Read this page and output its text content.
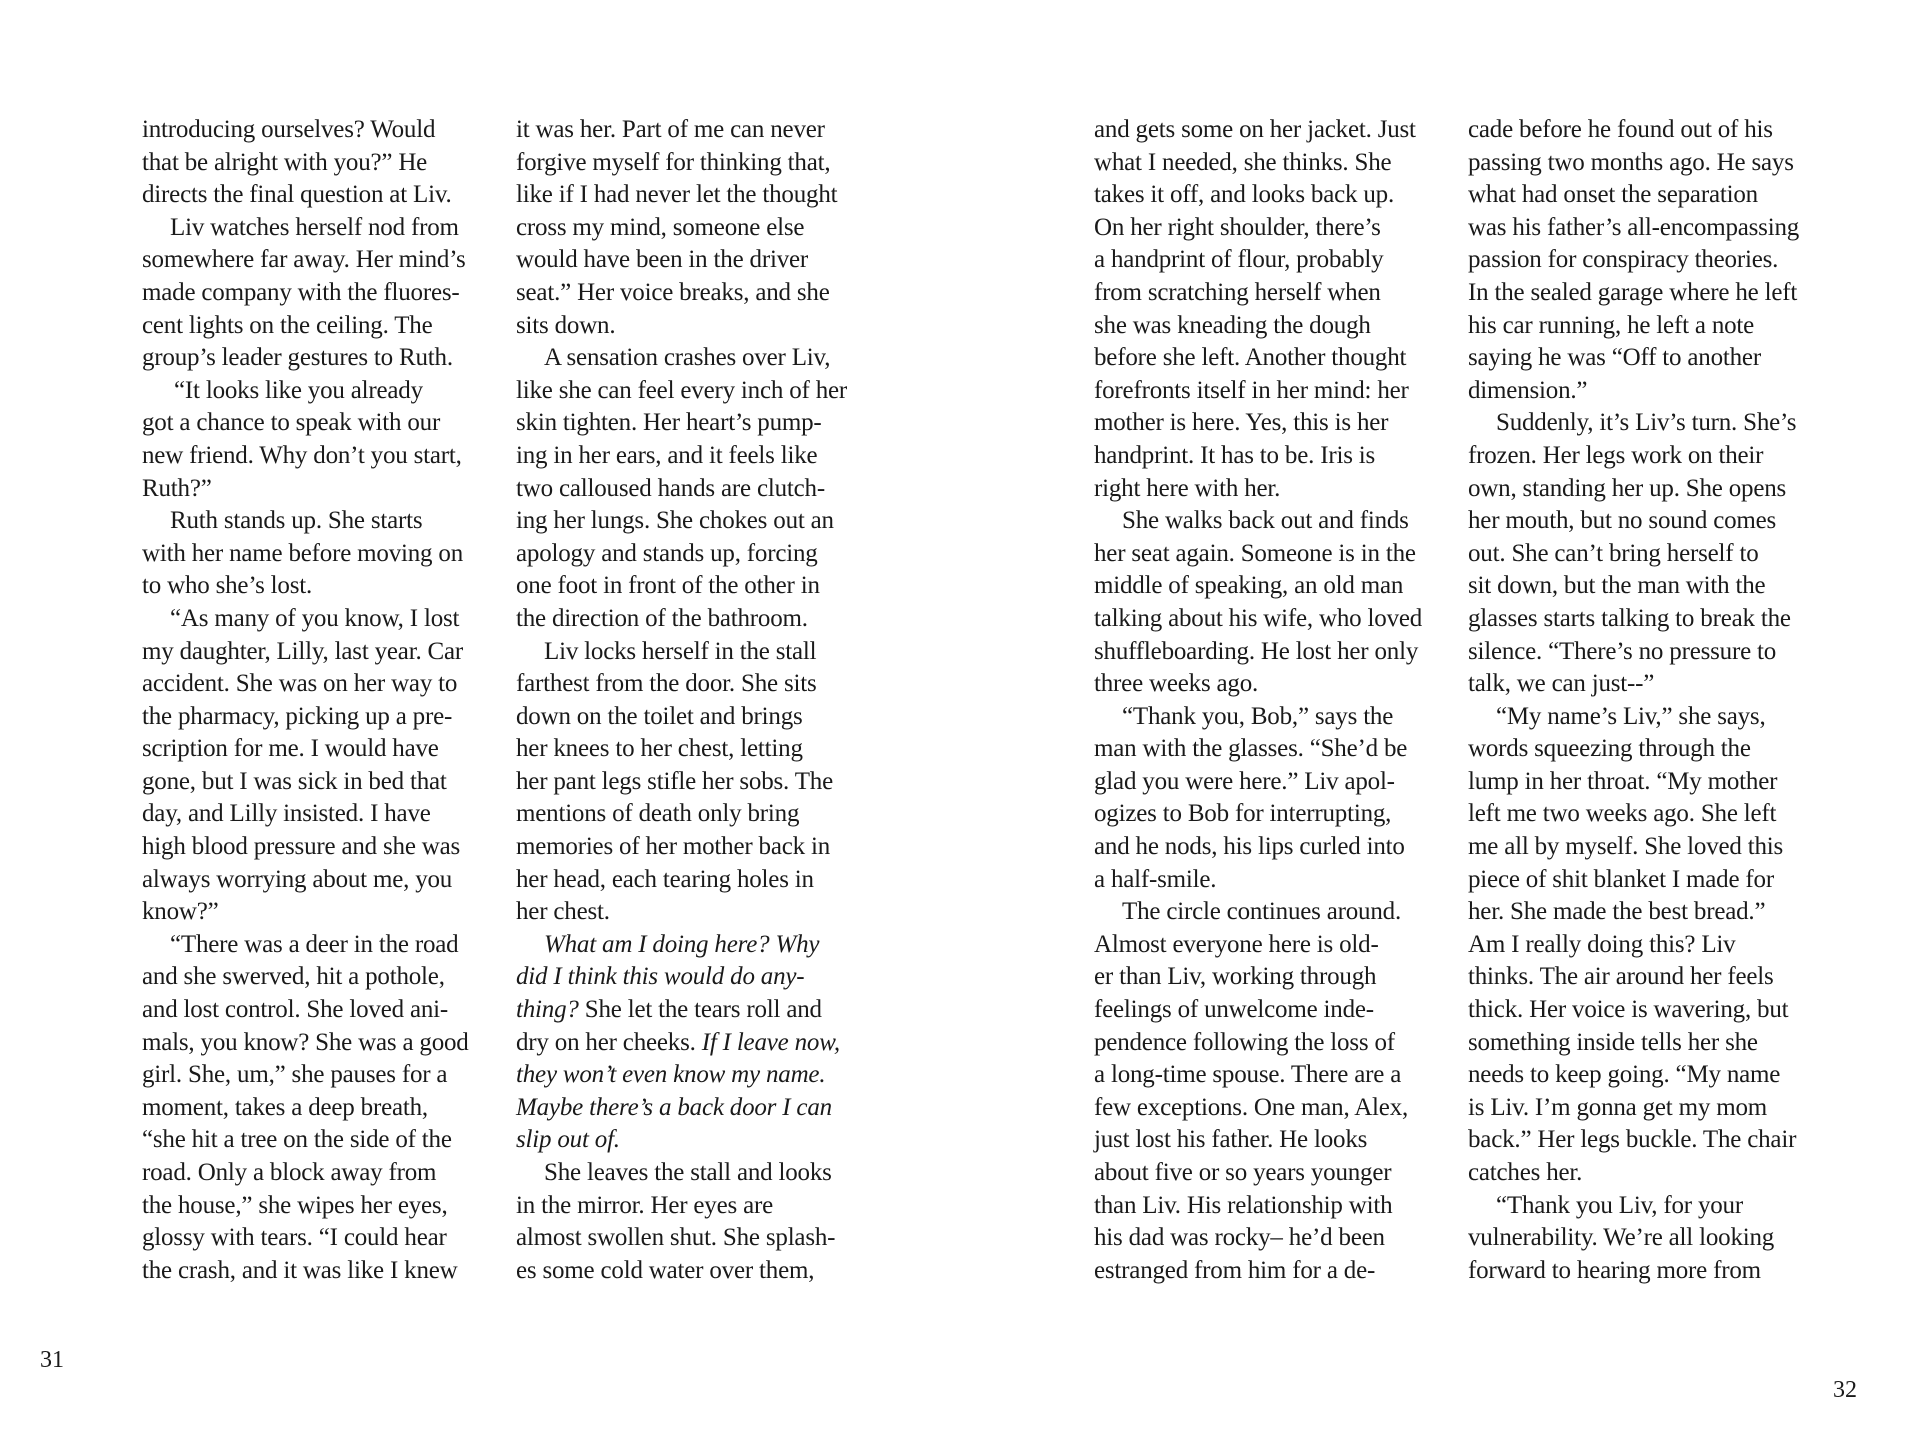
introducing ourselves? Would
that be alright with you?” He
directs the final question at Liv.
Liv watches herself nod from
somewhere far away. Her mind’s
made company with the fluores-
cent lights on the ceiling. The
group’s leader gestures to Ruth.
“It looks like you already
got a chance to speak with our
new friend. Why don’t you start,
Ruth?”
Ruth stands up. She starts
with her name before moving on
to who she’s lost.
“As many of you know, I lost
my daughter, Lilly, last year. Car
accident. She was on her way to
the pharmacy, picking up a pre-
scription for me. I would have
gone, but I was sick in bed that
day, and Lilly insisted. I have
high blood pressure and she was
always worrying about me, you
know?”
“There was a deer in the road
and she swerved, hit a pothole,
and lost control. She loved ani-
mals, you know? She was a good
girl. She, um,” she pauses for a
moment, takes a deep breath,
“she hit a tree on the side of the
road. Only a block away from
the house,” she wipes her eyes,
glossy with tears. “I could hear
the crash, and it was like I knew
it was her. Part of me can never
forgive myself for thinking that,
like if I had never let the thought
cross my mind, someone else
would have been in the driver
seat.” Her voice breaks, and she
sits down.
A sensation crashes over Liv,
like she can feel every inch of her
skin tighten. Her heart’s pump-
ing in her ears, and it feels like
two calloused hands are clutch-
ing her lungs. She chokes out an
apology and stands up, forcing
one foot in front of the other in
the direction of the bathroom.
Liv locks herself in the stall
farthest from the door. She sits
down on the toilet and brings
her knees to her chest, letting
her pant legs stifle her sobs. The
mentions of death only bring
memories of her mother back in
her head, each tearing holes in
her chest.
What am I doing here? Why
did I think this would do any-
thing? She let the tears roll and
dry on her cheeks. If I leave now,
they won’t even know my name.
Maybe there’s a back door I can
slip out of.
She leaves the stall and looks
in the mirror. Her eyes are
almost swollen shut. She splash-
es some cold water over them,
31
and gets some on her jacket. Just
what I needed, she thinks. She
takes it off, and looks back up.
On her right shoulder, there’s
a handprint of flour, probably
from scratching herself when
she was kneading the dough
before she left. Another thought
forefronts itself in her mind: her
mother is here. Yes, this is her
handprint. It has to be. Iris is
right here with her.
She walks back out and finds
her seat again. Someone is in the
middle of speaking, an old man
talking about his wife, who loved
shuffleboarding. He lost her only
three weeks ago.
“Thank you, Bob,” says the
man with the glasses. “She’d be
glad you were here.” Liv apol-
ogizes to Bob for interrupting,
and he nods, his lips curled into
a half-smile.
The circle continues around.
Almost everyone here is old-
er than Liv, working through
feelings of unwelcome inde-
pendence following the loss of
a long-time spouse. There are a
few exceptions. One man, Alex,
just lost his father. He looks
about five or so years younger
than Liv. His relationship with
his dad was rocky– he’d been
estranged from him for a de-
cade before he found out of his
passing two months ago. He says
what had onset the separation
was his father’s all-encompassing
passion for conspiracy theories.
In the sealed garage where he left
his car running, he left a note
saying he was “Off to another
dimension.”
Suddenly, it’s Liv’s turn. She’s
frozen. Her legs work on their
own, standing her up. She opens
her mouth, but no sound comes
out. She can’t bring herself to
sit down, but the man with the
glasses starts talking to break the
silence. “There’s no pressure to
talk, we can just--”
“My name’s Liv,” she says,
words squeezing through the
lump in her throat. “My mother
left me two weeks ago. She left
me all by myself. She loved this
piece of shit blanket I made for
her. She made the best bread.”
Am I really doing this? Liv
thinks. The air around her feels
thick. Her voice is wavering, but
something inside tells her she
needs to keep going. “My name
is Liv. I’m gonna get my mom
back.” Her legs buckle. The chair
catches her.
“Thank you Liv, for your
vulnerability. We’re all looking
forward to hearing more from
32
